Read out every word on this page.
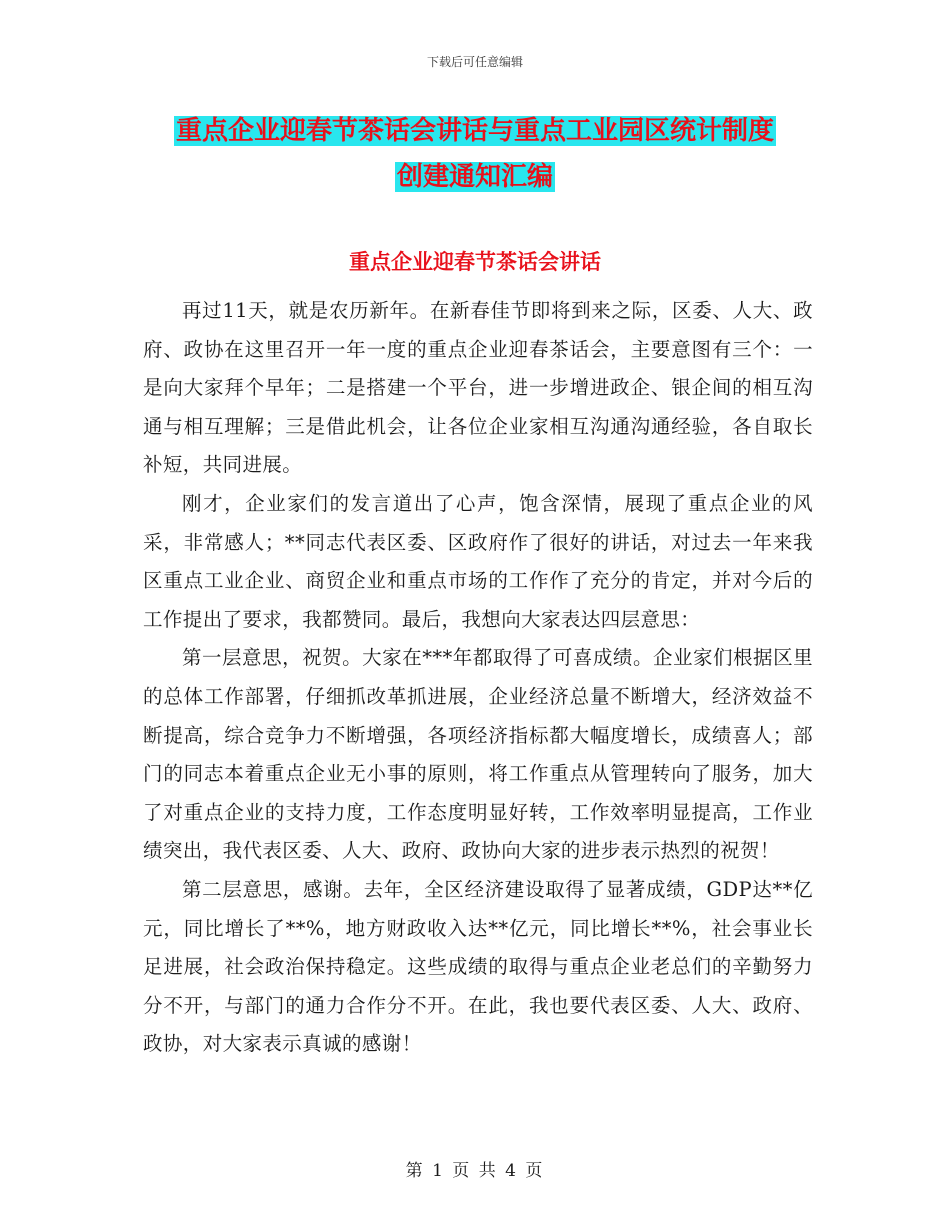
下载后可任意编辑
重点企业迎春节茶话会讲话与重点工业园区统计制度
创建通知汇编
重点企业迎春节茶话会讲话

再过11天，就是农历新年。在新春佳节即将到来之际，区委、人大、政府、政协在这里召开一年一度的重点企业迎春茶话会，主要意图有三个：一是向大家拜个早年；二是搭建一个平台，进一步增进政企、银企间的相互沟通与相互理解；三是借此机会，让各位企业家相互沟通沟通经验，各自取长补短，共同进展。

刚才，企业家们的发言道出了心声，饱含深情，展现了重点企业的风采，非常感人；**同志代表区委、区政府作了很好的讲话，对过去一年来我区重点工业企业、商贸企业和重点市场的工作作了充分的肯定，并对今后的工作提出了要求，我都赞同。最后，我想向大家表达四层意思：

第一层意思，祝贺。大家在***年都取得了可喜成绩。企业家们根据区里的总体工作部署，仔细抓改革抓进展，企业经济总量不断增大，经济效益不断提高，综合竞争力不断增强，各项经济指标都大幅度增长，成绩喜人；部门的同志本着重点企业无小事的原则，将工作重点从管理转向了服务，加大了对重点企业的支持力度，工作态度明显好转，工作效率明显提高，工作业绩突出，我代表区委、人大、政府、政协向大家的进步表示热烈的祝贺！

第二层意思，感谢。去年，全区经济建设取得了显著成绩，GDP达**亿元，同比增长了**%，地方财政收入达**亿元，同比增长**%，社会事业长足进展，社会政治保持稳定。这些成绩的取得与重点企业老总们的辛勤努力分不开，与部门的通力合作分不开。在此，我也要代表区委、人大、政府、政协，对大家表示真诚的感谢！

第 1 页 共 4 页
